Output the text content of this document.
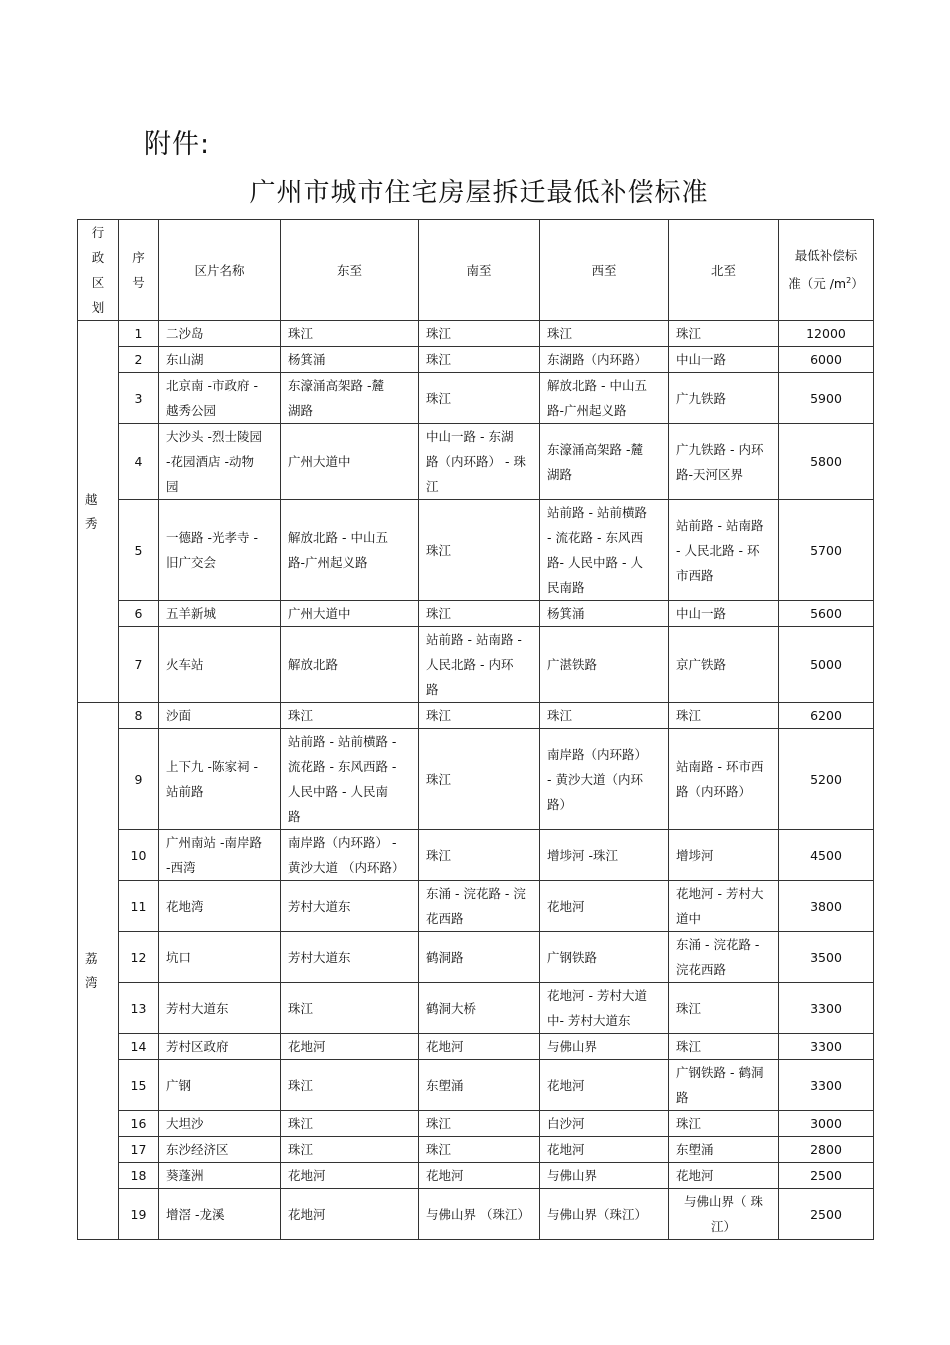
附件:
广州市城市住宅房屋拆迁最低补偿标准
行
政
区
划	序
号	区片名称	东至	南至	西至	北至	最低补偿标
准（元 $/m^2$）

越
秀	1	二沙岛	珠江	珠江	珠江	珠江	12000
	2	东山湖	杨箕涌	珠江	东湖路（内环路）	中山一路	6000
	3	北京南 -市政府 -
越秀公园	东濠涌高架路 -麓
湖路	珠江	解放北路 - 中山五
路-广州起义路	广九铁路	5900
	4	大沙头 -烈士陵园
-花园酒店 -动物
园	广州大道中	中山一路 - 东湖
路（内环路） - 珠
江	东濠涌高架路 -麓
湖路	广九铁路 - 内环
路-天河区界	5800
	5	一德路 -光孝寺 -
旧广交会	解放北路 - 中山五
路-广州起义路	珠江	站前路 - 站前横路
- 流花路 - 东风西
路- 人民中路 - 人
民南路	站前路 - 站南路
- 人民北路 - 环
市西路	5700
	6	五羊新城	广州大道中	珠江	杨箕涌	中山一路	5600
	7	火车站	解放北路	站前路 - 站南路 -
人民北路 - 内环
路	广湛铁路	京广铁路	5000

荔
湾	8	沙面	珠江	珠江	珠江	珠江	6200
	9	上下九 -陈家祠 -
站前路	站前路 - 站前横路 -
流花路 - 东风西路 -
人民中路 - 人民南
路	珠江	南岸路（内环路）
- 黄沙大道（内环
路）	站南路 - 环市西
路（内环路）	5200
	10	广州南站 -南岸路
-西湾	南岸路（内环路） -
黄沙大道 （内环路）	珠江	增埗河 -珠江	增埗河	4500
	11	花地湾	芳村大道东	东涌 - 浣花路 - 浣
花西路	花地河	花地河 - 芳村大
道中	3800
	12	坑口	芳村大道东	鹤洞路	广钢铁路	东涌 - 浣花路 -
浣花西路	3500
	13	芳村大道东	珠江	鹤洞大桥	花地河 - 芳村大道
中- 芳村大道东	珠江	3300
	14	芳村区政府	花地河	花地河	与佛山界	珠江	3300
	15	广钢	珠江	东塱涌	花地河	广钢铁路 - 鹤洞
路	3300
	16	大坦沙	珠江	珠江	白沙河	珠江	3000
	17	东沙经济区	珠江	珠江	花地河	东塱涌	2800
	18	葵蓬洲	花地河	花地河	与佛山界	花地河	2500
	19	增滘 -龙溪	花地河	与佛山界 （珠江）	与佛山界（珠江）	与佛山界（ 珠
江）	2500
